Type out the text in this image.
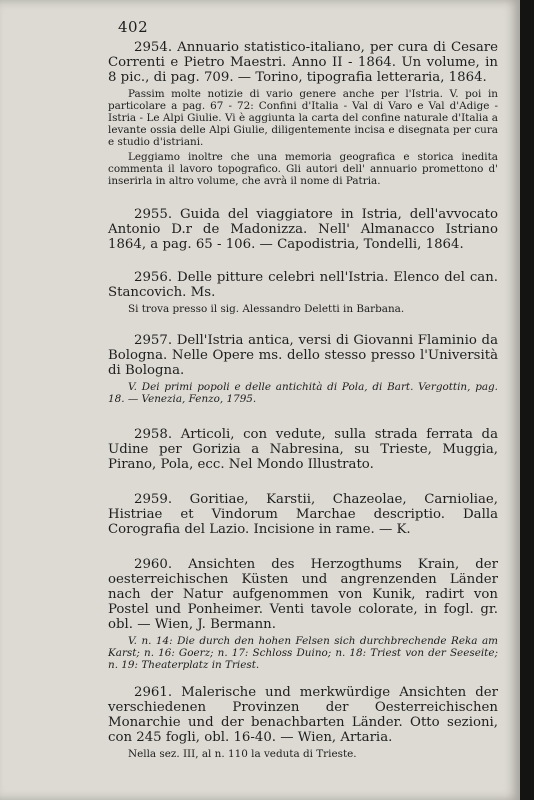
402

2954. Annuario statistico-italiano, per cura di Cesare Correnti e Pietro Maestri. Anno II - 1864. Un volume, in 8 pic., di pag. 709. — Torino, tipografia letteraria, 1864.

Passim molte notizie di vario genere anche per l'Istria. V. poi in particolare a pag. 67 - 72: Confini d'Italia - Val di Varo e Val d'Adige - Istria - Le Alpi Giulie. Vi è aggiunta la carta del confine naturale d'Italia a levante ossia delle Alpi Giulie, diligentemente incisa e disegnata per cura e studio d'istriani.

Leggiamo inoltre che una memoria geografica e storica inedita commenta il lavoro topografico. Gli autori dell' annuario promettono d' inserirla in altro volume, che avrà il nome di Patria.

2955. Guida del viaggiatore in Istria, dell'avvocato Antonio D.r de Madonizza. Nell' Almanacco Istriano 1864, a pag. 65 - 106. — Capodistria, Tondelli, 1864.

2956. Delle pitture celebri nell'Istria. Elenco del can. Stancovich. Ms.

Si trova presso il sig. Alessandro Deletti in Barbana.

2957. Dell'Istria antica, versi di Giovanni Flaminio da Bologna. Nelle Opere ms. dello stesso presso l'Università di Bologna.

V. Dei primi popoli e delle antichità di Pola, di Bart. Vergottin, pag. 18. — Venezia, Fenzo, 1795.

2958. Articoli, con vedute, sulla strada ferrata da Udine per Gorizia a Nabresina, su Trieste, Muggia, Pirano, Pola, ecc. Nel Mondo Illustrato.

2959. Goritiae, Karstii, Chazeolae, Carnioliae, Histriae et Vindorum Marchae descriptio. Dalla Corografia del Lazio. Incisione in rame. — K.

2960. Ansichten des Herzogthums Krain, der oesterreichischen Küsten und angrenzenden Länder nach der Natur aufgenommen von Kunik, radirt von Postel und Ponheimer. Venti tavole colorate, in fogl. gr. obl. — Wien, J. Bermann.

V. n. 14: Die durch den hohen Felsen sich durchbrechende Reka am Karst; n. 16: Goerz; n. 17: Schloss Duino; n. 18: Triest von der Seeseite; n. 19: Theaterplatz in Triest.

2961. Malerische und merkwürdige Ansichten der verschiedenen Provinzen der Oesterreichischen Monarchie und der benachbarten Länder. Otto sezioni, con 245 fogli, obl. 16-40. — Wien, Artaria.

Nella sez. III, al n. 110 la veduta di Trieste.
